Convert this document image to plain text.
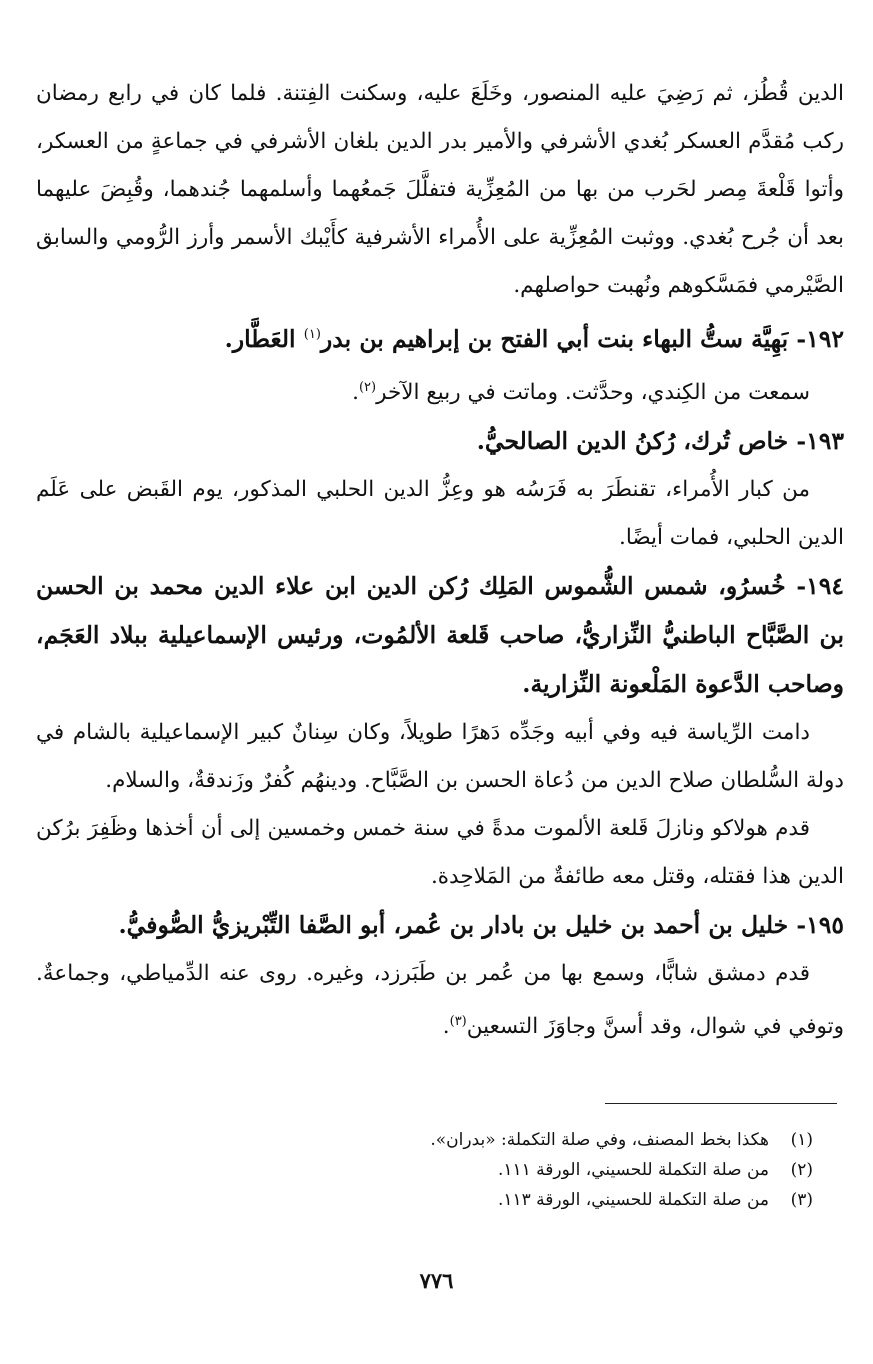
الدين قُطُز، ثم رَضِيَ عليه المنصور، وخَلَعَ عليه، وسكنت الفِتنة. فلما كان في رابع رمضان ركب مُقدَّم العسكر بُغدي الأشرفي والأمير بدر الدين بلغان الأشرفي في جماعةٍ من العسكر، وأتوا قَلْعةَ مِصر لحَرب من بها من المُعِزِّية فتفلَّلَ جَمعُهما وأسلمهما جُندهما، وقُبِضَ عليهما بعد أن جُرح بُغدي. ووثبت المُعِزِّية على الأُمراء الأشرفية كأَيْبك الأسمر وأرز الرُّومي والسابق الصَّيْرمي فمَسَّكوهم ونُهبت حواصلهم.

١٩٢- بَهِيَّة ستُّ البهاء بنت أبي الفتح بن إبراهيم بن بدر$^{(١)}$ العَطَّار.

سمعت من الكِندي، وحدَّثت. وماتت في ربيع الآخر$^{(٢)}$.

١٩٣- خاص تُرك، رُكنُ الدين الصالحيُّ.

من كبار الأُمراء، تقنطَرَ به فَرَسُه هو وعِزُّ الدين الحلبي المذكور، يوم القَبض على عَلَم الدين الحلبي، فمات أيضًا.

١٩٤- خُسرُو، شمس الشُّموس المَلِك رُكن الدين ابن علاء الدين محمد بن الحسن بن الصَّبَّاح الباطنيُّ النِّزاريُّ، صاحب قَلعة الألمُوت، ورئيس الإسماعيلية ببلاد العَجَم، وصاحب الدَّعوة المَلْعونة النِّزارية.

دامت الرِّياسة فيه وفي أبيه وجَدِّه دَهرًا طويلاً، وكان سِنانٌ كبير الإسماعيلية بالشام في دولة السُّلطان صلاح الدين من دُعاة الحسن بن الصَّبَّاح. ودينهُم كُفرٌ وزَندقةٌ، والسلام.

قدم هولاكو ونازلَ قَلعة الألموت مدةً في سنة خمس وخمسين إلى أن أخذها وظَفِرَ برُكن الدين هذا فقتله، وقتل معه طائفةٌ من المَلاحِدة.

١٩٥- خليل بن أحمد بن خليل بن بادار بن عُمر، أبو الصَّفا التِّبْريزيُّ الصُّوفيُّ.

قدم دمشق شابًّا، وسمع بها من عُمر بن طَبَرزد، وغيره. روى عنه الدِّمياطي، وجماعةٌ. وتوفي في شوال، وقد أسنَّ وجاوَزَ التسعين$^{(٣)}$.

(١)
هكذا بخط المصنف، وفي صلة التكملة: «بدران».
(٢)
من صلة التكملة للحسيني، الورقة ١١١.
(٣)
من صلة التكملة للحسيني، الورقة ١١٣.
٧٧٦
